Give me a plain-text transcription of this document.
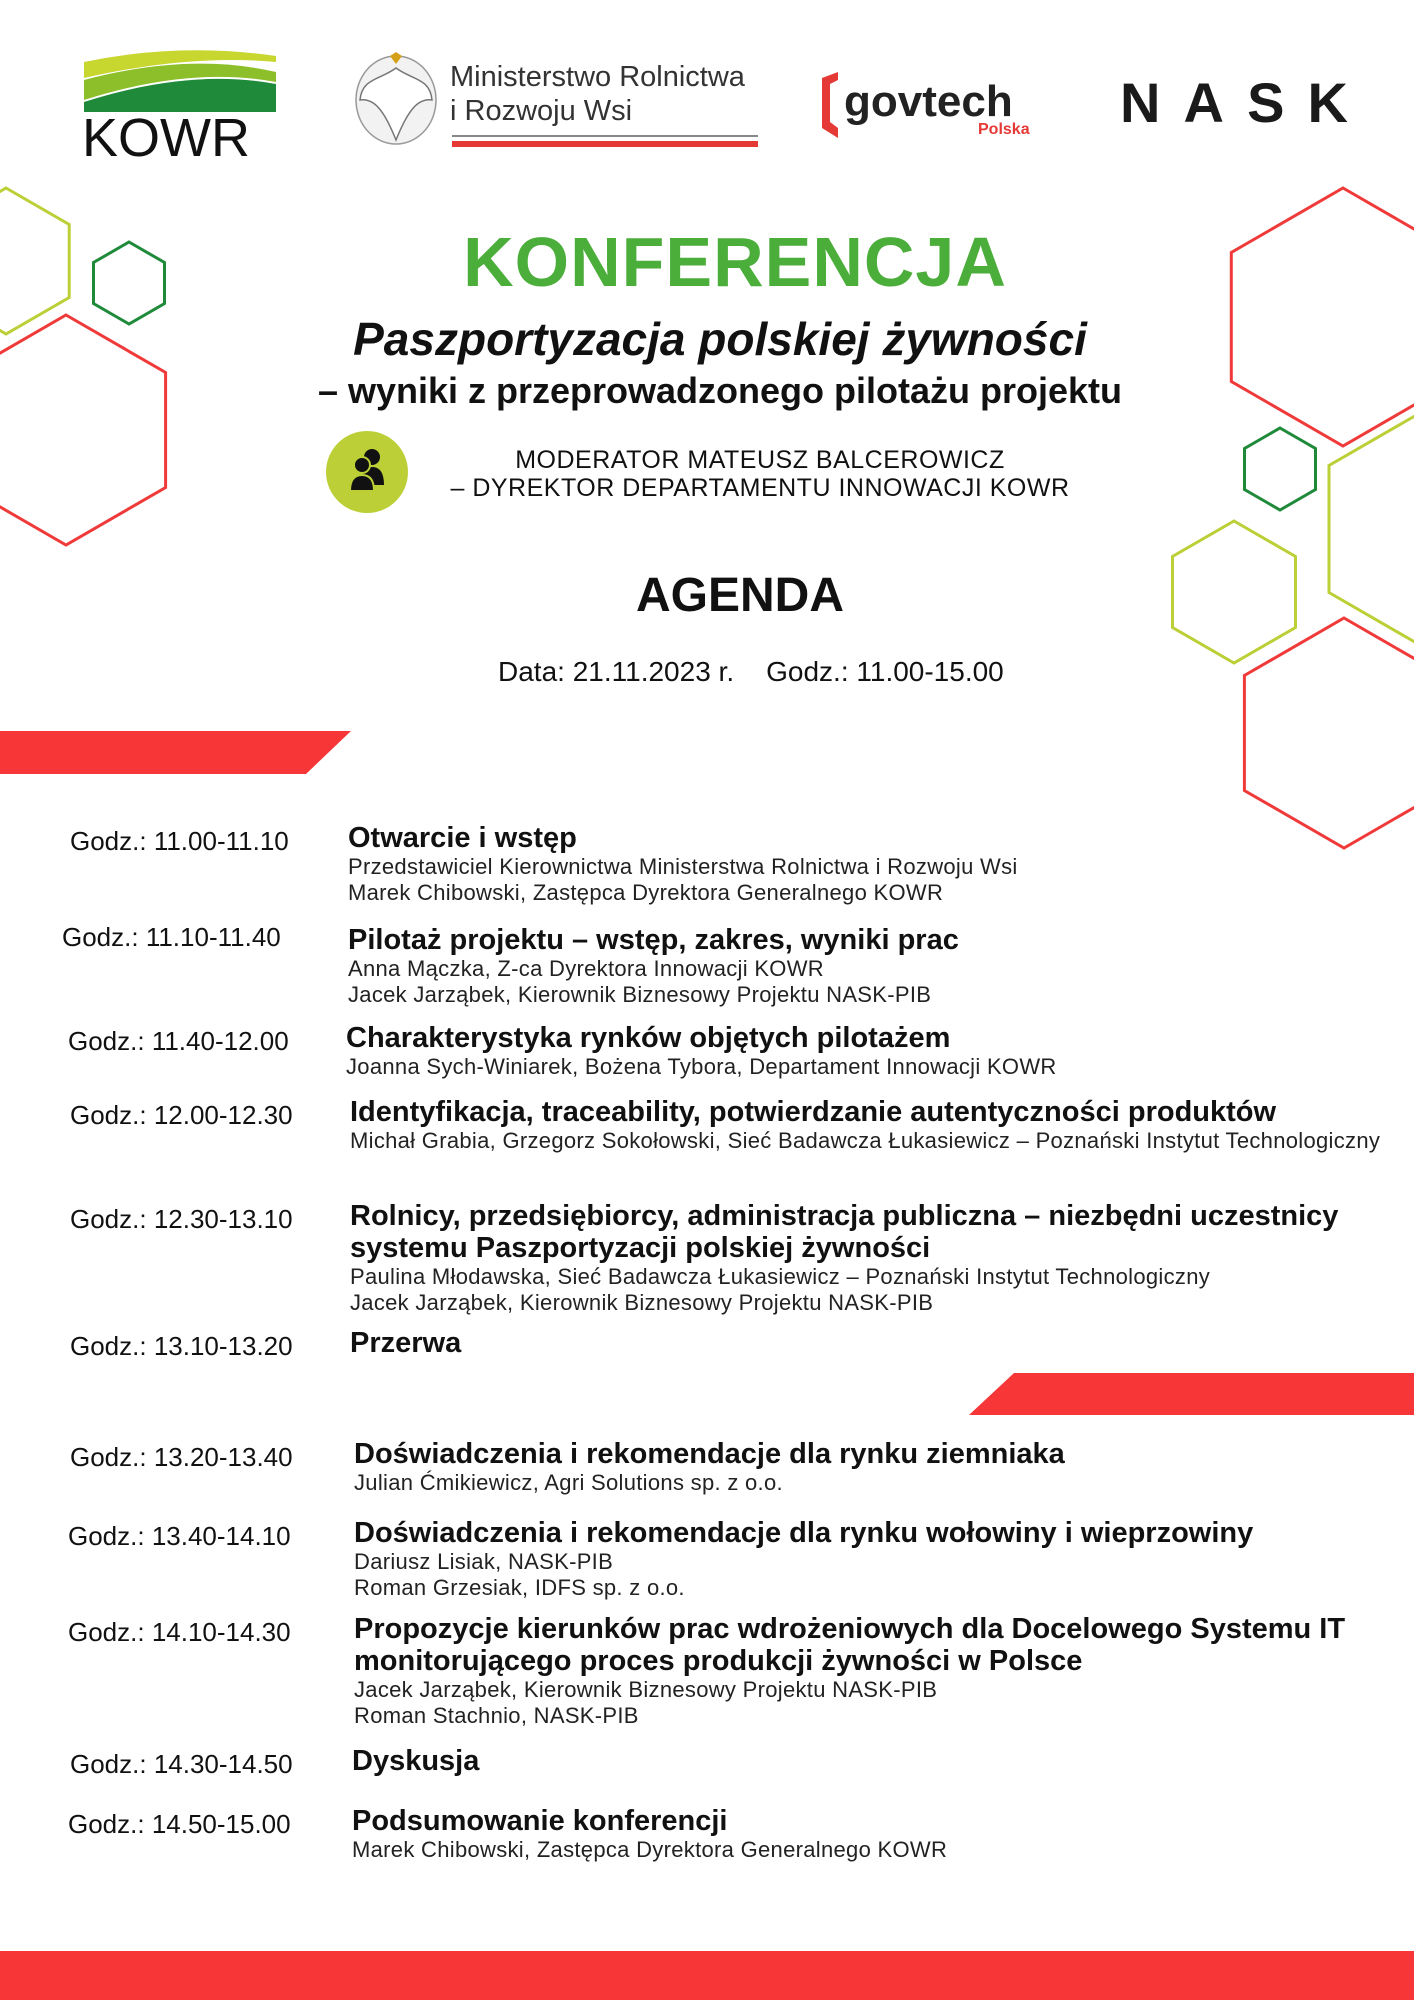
KOWR
Ministerstwo Rolnictwa
i Rozwoju Wsi	govtech
Polska NASK
KONFERENCJA
Paszportyzacja polskiej żywności
– wyniki z przeprowadzonego pilotażu projektu
MODERATOR MATEUSZ BALCEROWICZ
– DYREKTOR DEPARTAMENTU INNOWACJI KOWR
AGENDA
Data: 21.11.2023 r. Godz.: 11.00-15.00
Godz.: 11.00-11.10 Otwarcie i wstęp
Przedstawiciel Kierownictwa Ministerstwa Rolnictwa i Rozwoju Wsi
Marek Chibowski, Zastępca Dyrektora Generalnego KOWR
Godz.: 11.10-11.40 Pilotaż projektu – wstęp, zakres, wyniki prac
Anna Mączka, Z-ca Dyrektora Innowacji KOWR
Jacek Jarząbek, Kierownik Biznesowy Projektu NASK-PIB
Godz.: 11.40-12.00 Charakterystyka rynków objętych pilotażem
Joanna Sych-Winiarek, Bożena Tybora, Departament Innowacji KOWR
Godz.: 12.00-12.30 Identyfikacja, traceability, potwierdzanie autentyczności produktów
Michał Grabia, Grzegorz Sokołowski, Sieć Badawcza Łukasiewicz – Poznański Instytut Technologiczny
Godz.: 12.30-13.10 Rolnicy, przedsiębiorcy, administracja publiczna – niezbędni uczestnicy systemu Paszportyzacji polskiej żywności
Paulina Młodawska, Sieć Badawcza Łukasiewicz – Poznański Instytut Technologiczny
Jacek Jarząbek, Kierownik Biznesowy Projektu NASK-PIB
Godz.: 13.10-13.20 Przerwa
Godz.: 13.20-13.40 Doświadczenia i rekomendacje dla rynku ziemniaka
Julian Ćmikiewicz, Agri Solutions sp. z o.o.
Godz.: 13.40-14.10 Doświadczenia i rekomendacje dla rynku wołowiny i wieprzowiny
Dariusz Lisiak, NASK-PIB
Roman Grzesiak, IDFS sp. z o.o.
Godz.: 14.10-14.30 Propozycje kierunków prac wdrożeniowych dla Docelowego Systemu IT monitorującego proces produkcji żywności w Polsce
Jacek Jarząbek, Kierownik Biznesowy Projektu NASK-PIB
Roman Stachnio, NASK-PIB
Godz.: 14.30-14.50 Dyskusja
Godz.: 14.50-15.00 Podsumowanie konferencji
Marek Chibowski, Zastępca Dyrektora Generalnego KOWR
